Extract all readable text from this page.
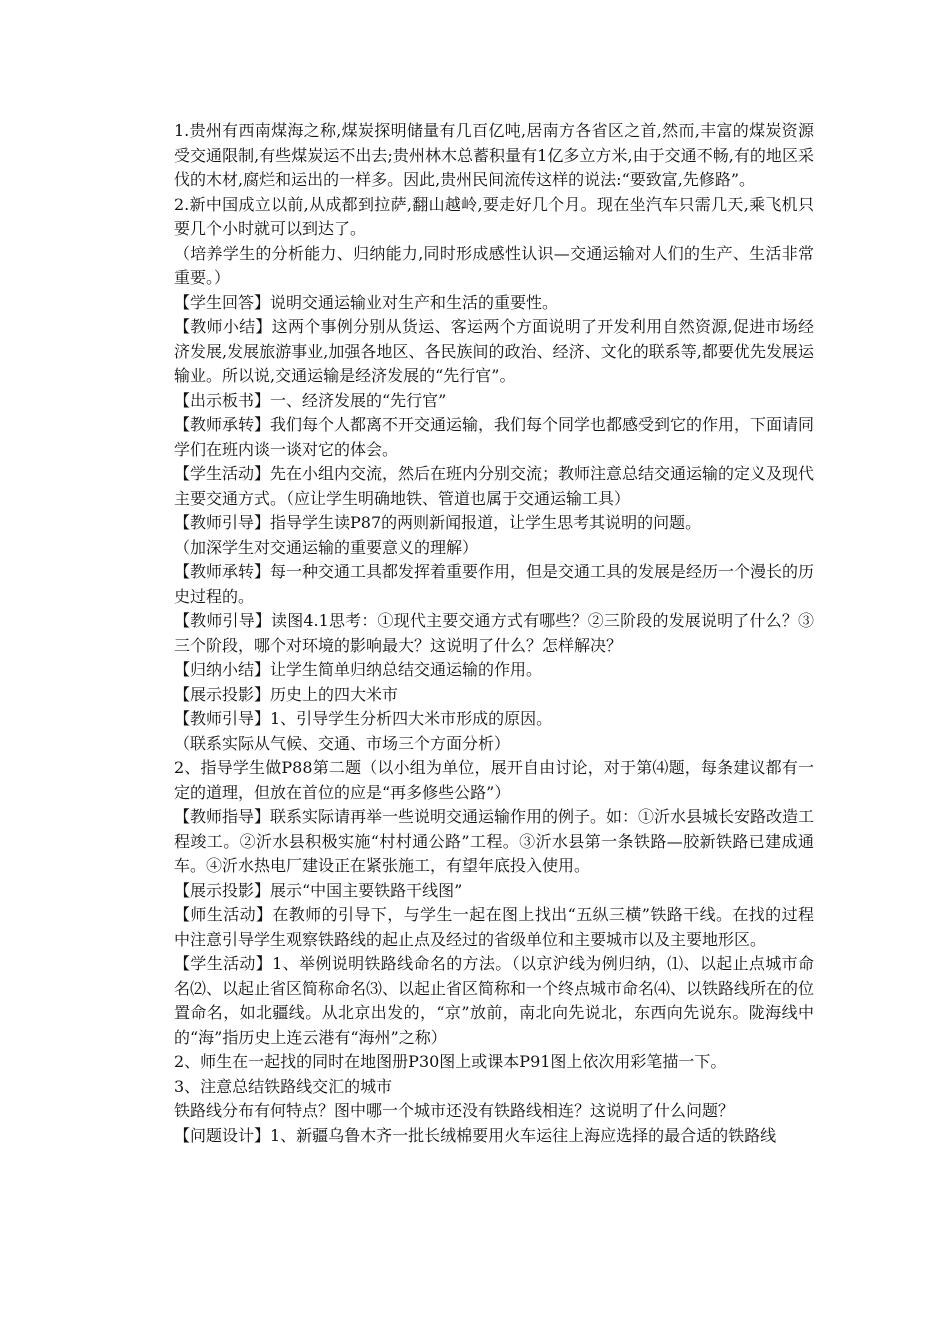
1.贵州有西南煤海之称,煤炭探明储量有几百亿吨,居南方各省区之首,然而,丰富的煤炭资源受交通限制,有些煤炭运不出去;贵州林木总蓄积量有1亿多立方米,由于交通不畅,有的地区采伐的木材,腐烂和运出的一样多。因此,贵州民间流传这样的说法:“要致富,先修路”。

2.新中国成立以前,从成都到拉萨,翻山越岭,要走好几个月。现在坐汽车只需几天,乘飞机只要几个小时就可以到达了。

（培养学生的分析能力、归纳能力,同时形成感性认识—交通运输对人们的生产、生活非常重要。）

【学生回答】说明交通运输业对生产和生活的重要性。

【教师小结】这两个事例分别从货运、客运两个方面说明了开发利用自然资源,促进市场经济发展,发展旅游事业,加强各地区、各民族间的政治、经济、文化的联系等,都要优先发展运输业。所以说,交通运输是经济发展的“先行官”。

【出示板书】一、经济发展的“先行官”

【教师承转】我们每个人都离不开交通运输，我们每个同学也都感受到它的作用，下面请同学们在班内谈一谈对它的体会。

【学生活动】先在小组内交流，然后在班内分别交流；教师注意总结交通运输的定义及现代主要交通方式。（应让学生明确地铁、管道也属于交通运输工具）

【教师引导】指导学生读P87的两则新闻报道，让学生思考其说明的问题。

（加深学生对交通运输的重要意义的理解）

【教师承转】每一种交通工具都发挥着重要作用，但是交通工具的发展是经历一个漫长的历史过程的。

【教师引导】读图4.1思考：①现代主要交通方式有哪些？②三阶段的发展说明了什么？③三个阶段，哪个对环境的影响最大？这说明了什么？怎样解决？

【归纳小结】让学生简单归纳总结交通运输的作用。

【展示投影】历史上的四大米市

【教师引导】1、引导学生分析四大米市形成的原因。

（联系实际从气候、交通、市场三个方面分析）

2、指导学生做P88第二题（以小组为单位，展开自由讨论，对于第⑷题，每条建议都有一定的道理，但放在首位的应是“再多修些公路”）

【教师指导】联系实际请再举一些说明交通运输作用的例子。如：①沂水县城长安路改造工程竣工。②沂水县积极实施“村村通公路”工程。③沂水县第一条铁路—胶新铁路已建成通车。④沂水热电厂建设正在紧张施工，有望年底投入使用。

【展示投影】展示“中国主要铁路干线图”

【师生活动】在教师的引导下，与学生一起在图上找出“五纵三横”铁路干线。在找的过程中注意引导学生观察铁路线的起止点及经过的省级单位和主要城市以及主要地形区。

【学生活动】1、举例说明铁路线命名的方法。（以京沪线为例归纳，⑴、以起止点城市命名⑵、以起止省区简称命名⑶、以起止省区简称和一个终点城市命名⑷、以铁路线所在的位置命名，如北疆线。从北京出发的，“京”放前，南北向先说北，东西向先说东。陇海线中的“海”指历史上连云港有“海州”之称）

2、师生在一起找的同时在地图册P30图上或课本P91图上依次用彩笔描一下。

3、注意总结铁路线交汇的城市

铁路线分布有何特点？图中哪一个城市还没有铁路线相连？这说明了什么问题？

【问题设计】1、新疆乌鲁木齐一批长绒棉要用火车运往上海应选择的最合适的铁路线
